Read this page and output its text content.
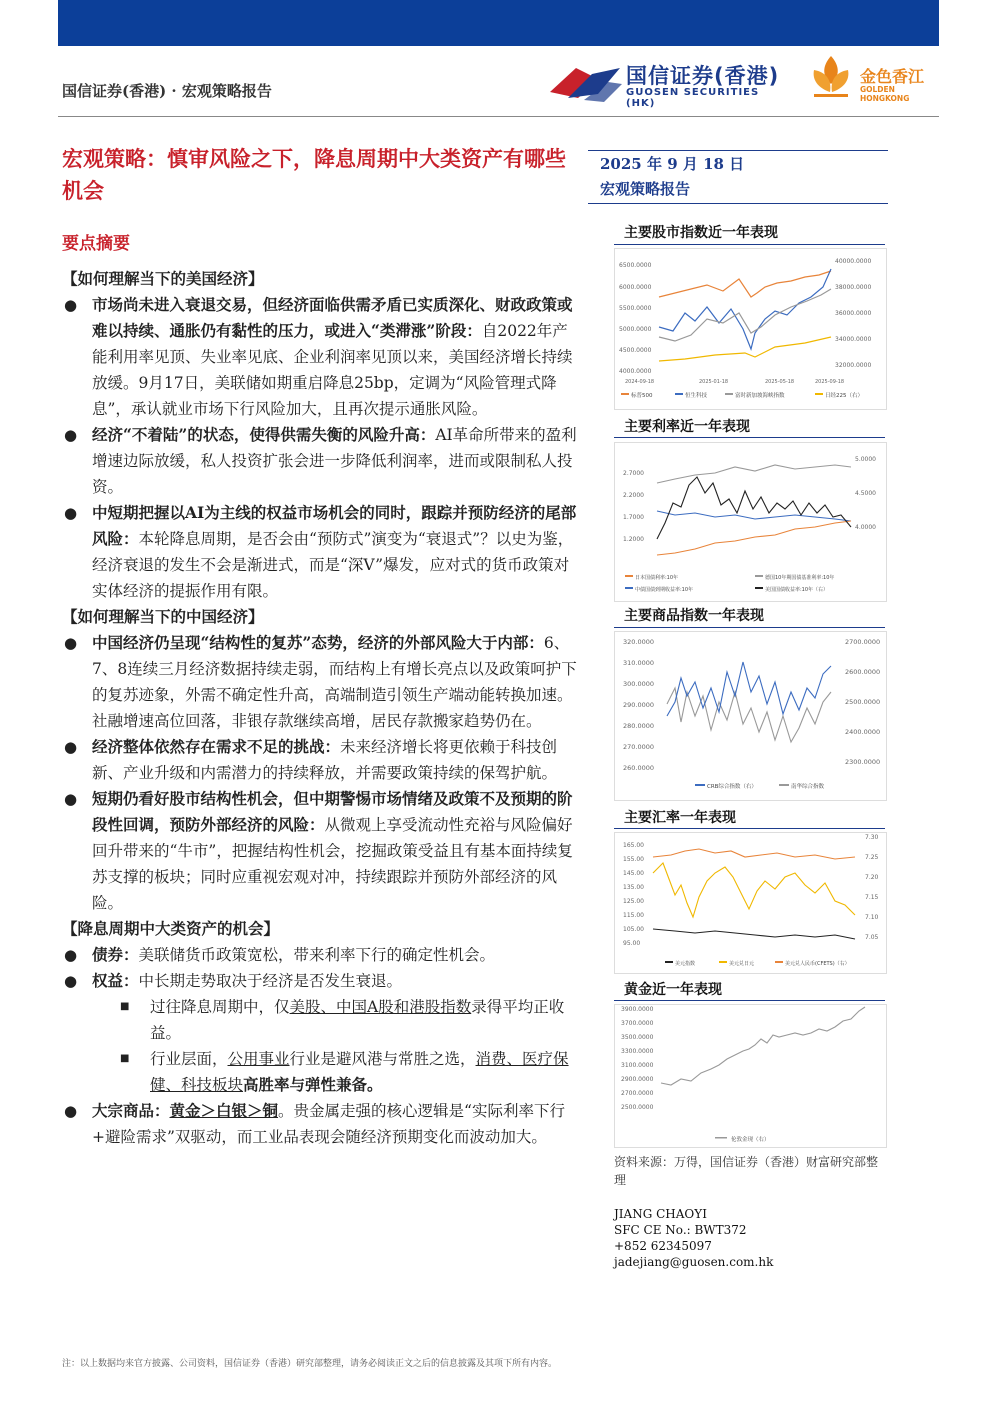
国信证券(香港) · 宏观策略报告
国信证券(香港)
GUOSEN SECURITIES (HK)
金色香江
GOLDEN HONGKONG
宏观策略：慎审风险之下，降息周期中大类资产有哪些机会
2025 年 9 月 18 日
宏观策略报告
要点摘要

【如何理解当下的美国经济】

● 市场尚未进入衰退交易，但经济面临供需矛盾已实质深化、财政政策或难以持续、通胀仍有黏性的压力，或进入“类滞涨”阶段：自2022年产能利用率见顶、失业率见底、企业利润率见顶以来，美国经济增长持续放缓。9月17日，美联储如期重启降息25bp，定调为“风险管理式降息”，承认就业市场下行风险加大，且再次提示通胀风险。

● 经济“不着陆”的状态，使得供需失衡的风险升高：AI革命所带来的盈利增速边际放缓，私人投资扩张会进一步降低利润率，进而或限制私人投资。

● 中短期把握以AI为主线的权益市场机会的同时，跟踪并预防经济的尾部风险：本轮降息周期，是否会由“预防式”演变为“衰退式”？以史为鉴，经济衰退的发生不会是渐进式，而是“深V”爆发，应对式的货币政策对实体经济的提振作用有限。

【如何理解当下的中国经济】

● 中国经济仍呈现“结构性的复苏”态势，经济的外部风险大于内部：6、7、8连续三月经济数据持续走弱，而结构上有增长亮点以及政策呵护下的复苏迹象，外需不确定性升高，高端制造引领生产端动能转换加速。社融增速高位回落，非银存款继续高增，居民存款搬家趋势仍在。

● 经济整体依然存在需求不足的挑战：未来经济增长将更依赖于科技创新、产业升级和内需潜力的持续释放，并需要政策持续的保驾护航。

● 短期仍看好股市结构性机会，但中期警惕市场情绪及政策不及预期的阶段性回调，预防外部经济的风险：从微观上享受流动性充裕与风险偏好回升带来的“牛市”，把握结构性机会，挖掘政策受益且有基本面持续复苏支撑的板块；同时应重视宏观对冲，持续跟踪并预防外部经济的风险。

【降息周期中大类资产的机会】

● 债券：美联储货币政策宽松，带来利率下行的确定性机会。

● 权益：中长期走势取决于经济是否发生衰退。

■ 过往降息周期中，仅美股、中国A股和港股指数录得平均正收益。

■ 行业层面，公用事业行业是避风港与常胜之选，消费、医疗保健、科技板块高胜率与弹性兼备。

● 大宗商品：黄金＞白银＞铜。贵金属走强的核心逻辑是“实际利率下行+避险需求”双驱动，而工业品表现会随经济预期变化而波动加大。

主要股市指数近一年表现
6500.0000
6000.0000
5500.0000
5000.0000
4500.0000
4000.0000
40000.0000
38000.0000
36000.0000
34000.0000
32000.0000
2024-09-18	2025-01-18	2025-05-18	2025-09-18
标普500	恒生科技	富时新加坡海峡指数	日经225（右）
主要利率近一年表现
2.7000
2.2000
1.7000
1.2000
5.0000
4.5000
4.0000
日本国债利率:10年	德国10年期国债基准利率:10年
中债国债到期收益率:10年	美国国债收益率:10年（右）
主要商品指数一年表现
320.0000
310.0000
300.0000
290.0000
280.0000
270.0000
260.0000
2700.0000
2600.0000
2500.0000
2400.0000
2300.0000
CRB综合指数（右）	南华综合指数
主要汇率一年表现
165.00
155.00
145.00
135.00
125.00
115.00
105.00
95.00
7.30
7.25
7.20
7.15
7.10
7.05
美元指数	美元兑日元	美元兑人民币(CFETS)（右）
黄金近一年表现
3900.0000
3700.0000
3500.0000
3300.0000
3100.0000
2900.0000
2700.0000
2500.0000
伦敦金现（右）
资料来源：万得，国信证券（香港）财富研究部整理
JIANG CHAOYI
SFC CE No.: BWT372
+852 62345097
jadejiang@guosen.com.hk
注：以上数据均来官方披露、公司资料，国信证券（香港）研究部整理，请务必阅读正文之后的信息披露及其项下所有内容。
